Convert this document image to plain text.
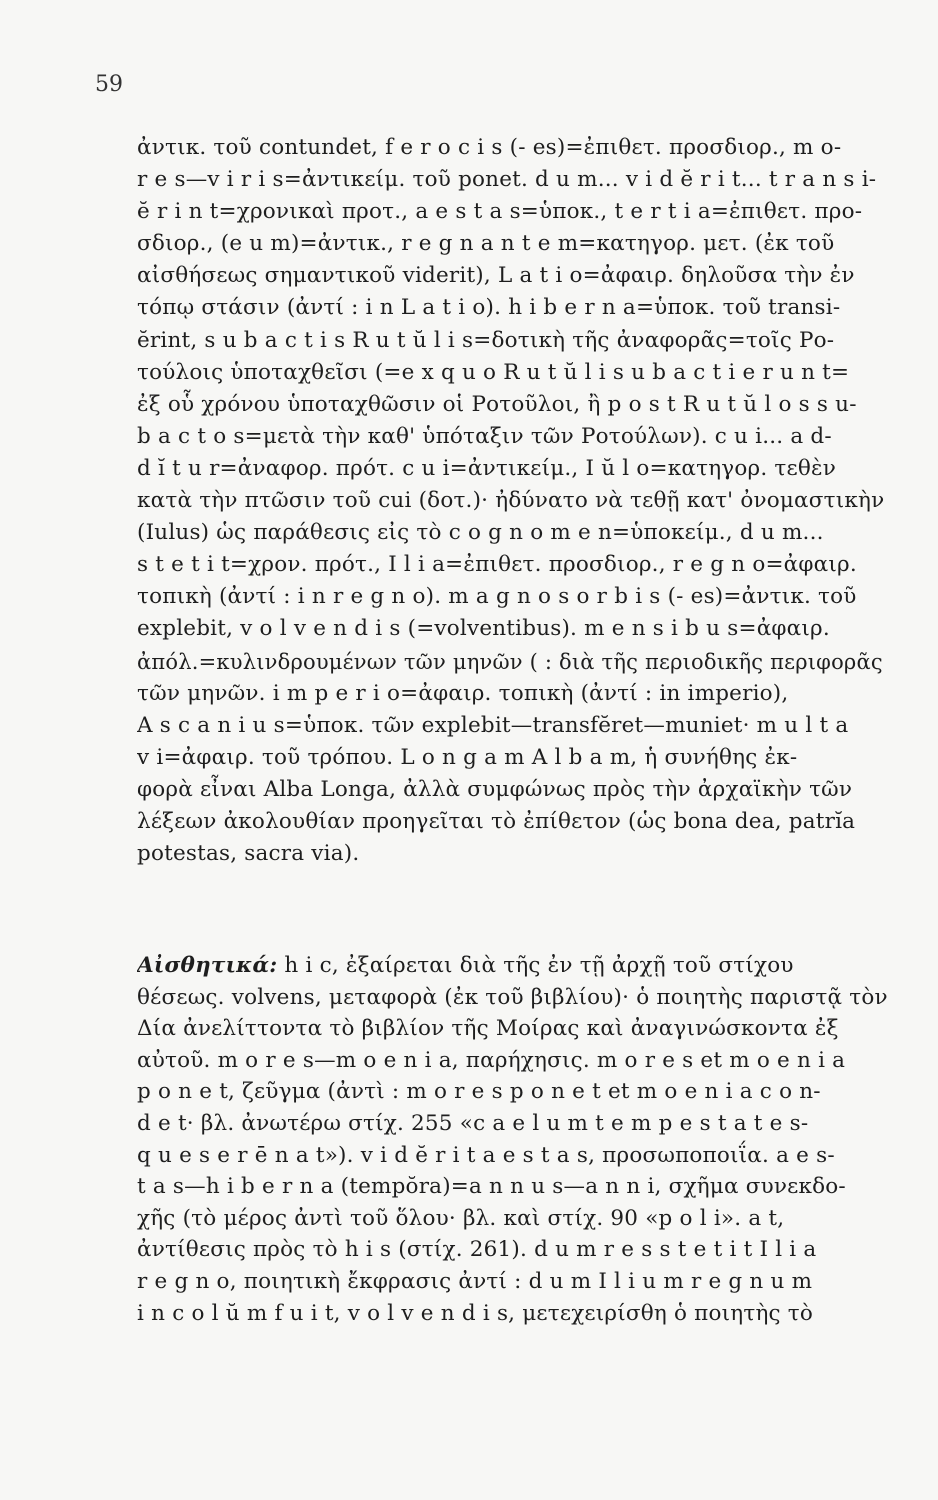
59
ἀντικ. τοῦ contundet, f e r o c i s (- es)=ἐπιθετ. προσδιορ., m o-
r e s—v i r i s=ἀντικείμ. τοῦ ponet. d u m... v i d ĕ r i t... t r a n s i-
ĕ r i n t=χρονικαὶ προτ., a e s t a s=ὑποκ., t e r t i a=ἐπιθετ. προ-
σδιορ., (e u m)=ἀντικ., r e g n a n t e m=κατηγορ. μετ. (ἐκ τοῦ
αἰσθήσεως σημαντικοῦ viderit), L a t i o=ἀφαιρ. δηλοῦσα τὴν ἐν
τόπῳ στάσιν (ἀντί : i n L a t i o). h i b e r n a=ὑποκ. τοῦ transi-
ĕrint, s u b a c t i s R u t ŭ l i s=δοτικὴ τῆς ἀναφορᾶς=τοῖς Ρο-
τούλοις ὑποταχθεῖσι (=e x q u o R u t ŭ l i s u b a c t i e r u n t=
ἐξ οὗ χρόνου ὑποταχθῶσιν οἱ Ροτοῦλοι, ἢ p o s t R u t ŭ l o s s u-
b a c t o s=μετὰ τὴν καθ' ὑπόταξιν τῶν Ροτούλων). c u i... a d-
d ĭ t u r=ἀναφορ. πρότ. c u i=ἀντικείμ., I ŭ l o=κατηγορ. τεθὲν
κατὰ τὴν πτῶσιν τοῦ cui (δοτ.)· ἠδύνατο νὰ τεθῇ κατ' ὀνομαστικὴν
(Iulus) ὡς παράθεσις εἰς τὸ c o g n o m e n=ὑποκείμ., d u m...
s t e t i t=χρον. πρότ., I l i a=ἐπιθετ. προσδιορ., r e g n o=ἀφαιρ.
τοπικὴ (ἀντί : i n r e g n o). m a g n o s o r b i s (- es)=ἀντικ. τοῦ
explebit, v o l v e n d i s (=volventibus). m e n s i b u s=ἀφαιρ.
ἀπόλ.=κυλινδρουμένων τῶν μηνῶν ( : διὰ τῆς περιοδικῆς περιφορᾶς
τῶν μηνῶν. i m p e r i o=ἀφαιρ. τοπικὴ (ἀντί : in imperio),
A s c a n i u s=ὑποκ. τῶν explebit—transfĕret—muniet· m u l t a
v i=ἀφαιρ. τοῦ τρόπου. L o n g a m A l b a m, ἡ συνήθης ἐκ-
φορὰ εἶναι Alba Longa, ἀλλὰ συμφώνως πρὸς τὴν ἀρχαϊκὴν τῶν
λέξεων ἀκολουθίαν προηγεῖται τὸ ἐπίθετον (ὡς bona dea, patrĭa
potestas, sacra via).
Αἰσθητικά: h i c, ἐξαίρεται διὰ τῆς ἐν τῇ ἀρχῇ τοῦ στίχου
θέσεως. volvens, μεταφορὰ (ἐκ τοῦ βιβλίου)· ὁ ποιητὴς παριστᾷ τὸν
Δία ἀνελίττοντα τὸ βιβλίον τῆς Μοίρας καὶ ἀναγινώσκοντα ἐξ
αὐτοῦ. m o r e s—m o e n i a, παρήχησις. m o r e s et m o e n i a
p o n e t, ζεῦγμα (ἀντὶ : m o r e s p o n e t et m o e n i a c o n-
d e t· βλ. ἀνωτέρω στίχ. 255 «c a e l u m t e m p e s t a t e s-
q u e s e r ē n a t»). v i d ĕ r i t a e s t a s, προσωποποιΐα. a e s-
t a s—h i b e r n a (tempŏra)=a n n u s—a n n i, σχῆμα συνεκδο-
χῆς (τὸ μέρος ἀντὶ τοῦ ὅλου· βλ. καὶ στίχ. 90 «p o l i». a t,
ἀντίθεσις πρὸς τὸ h i s (στίχ. 261). d u m r e s s t e t i t I l i a
r e g n o, ποιητικὴ ἔκφρασις ἀντί : d u m I l i u m r e g n u m
i n c o l ŭ m f u i t, v o l v e n d i s, μετεχειρίσθη ὁ ποιητὴς τὸ
